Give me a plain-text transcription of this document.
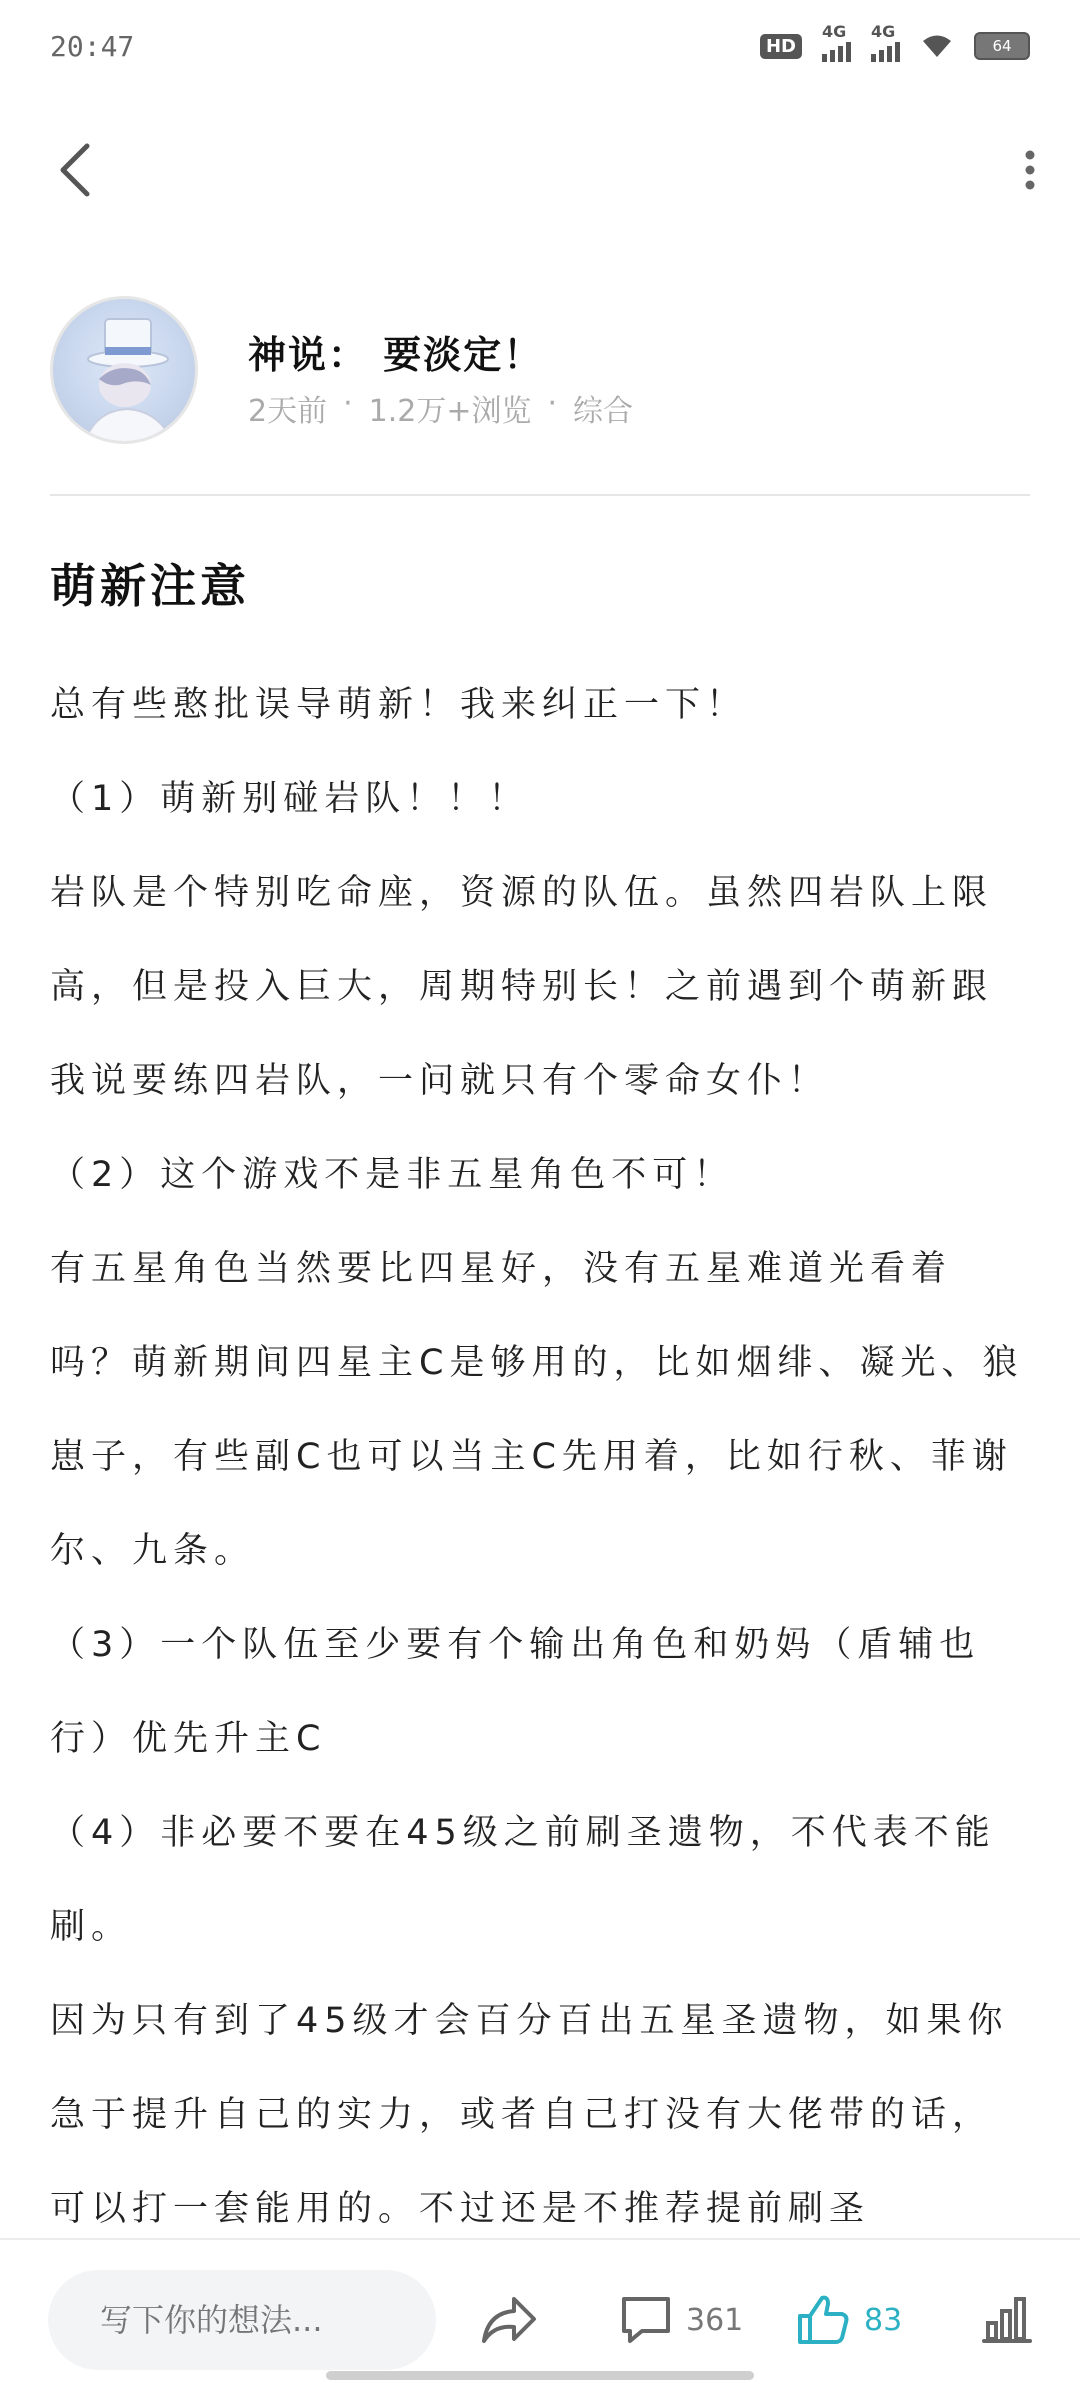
20:47	HD
4G 4G
64
神说： 要淡定！
2天前 · 1.2万+浏览 · 综合
萌新注意

总有些憨批误导萌新！我来纠正一下！

（1）萌新别碰岩队！！！

岩队是个特别吃命座，资源的队伍。虽然四岩队上限高，但是投入巨大，周期特别长！之前遇到个萌新跟我说要练四岩队，一问就只有个零命女仆！

（2）这个游戏不是非五星角色不可！

有五星角色当然要比四星好，没有五星难道光看着吗？萌新期间四星主C是够用的，比如烟绯、凝光、狼崽子，有些副C也可以当主C先用着，比如行秋、菲谢尔、九条。

（3）一个队伍至少要有个输出角色和奶妈（盾辅也行）优先升主C

（4）非必要不要在45级之前刷圣遗物，不代表不能刷。

因为只有到了45级才会百分百出五星圣遗物，如果你急于提升自己的实力，或者自己打没有大佬带的话，可以打一套能用的。不过还是不推荐提前刷圣

写下你的想法...
361	83
